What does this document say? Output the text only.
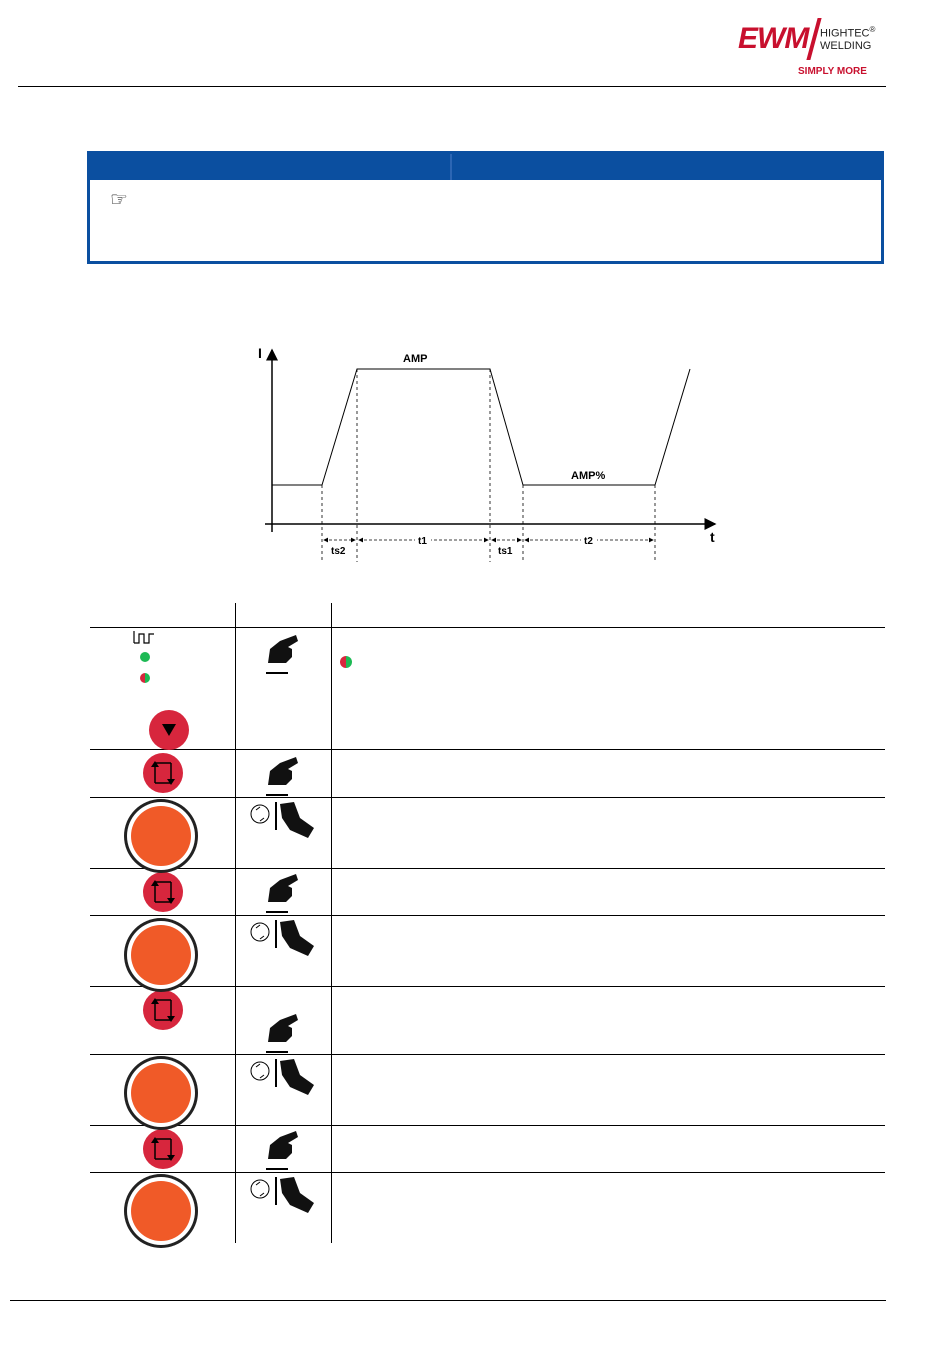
EWM HIGHTEC®
WELDING
SIMPLY MORE
☞
I
t
AMP
AMP%
ts2
t1
ts1
t2
